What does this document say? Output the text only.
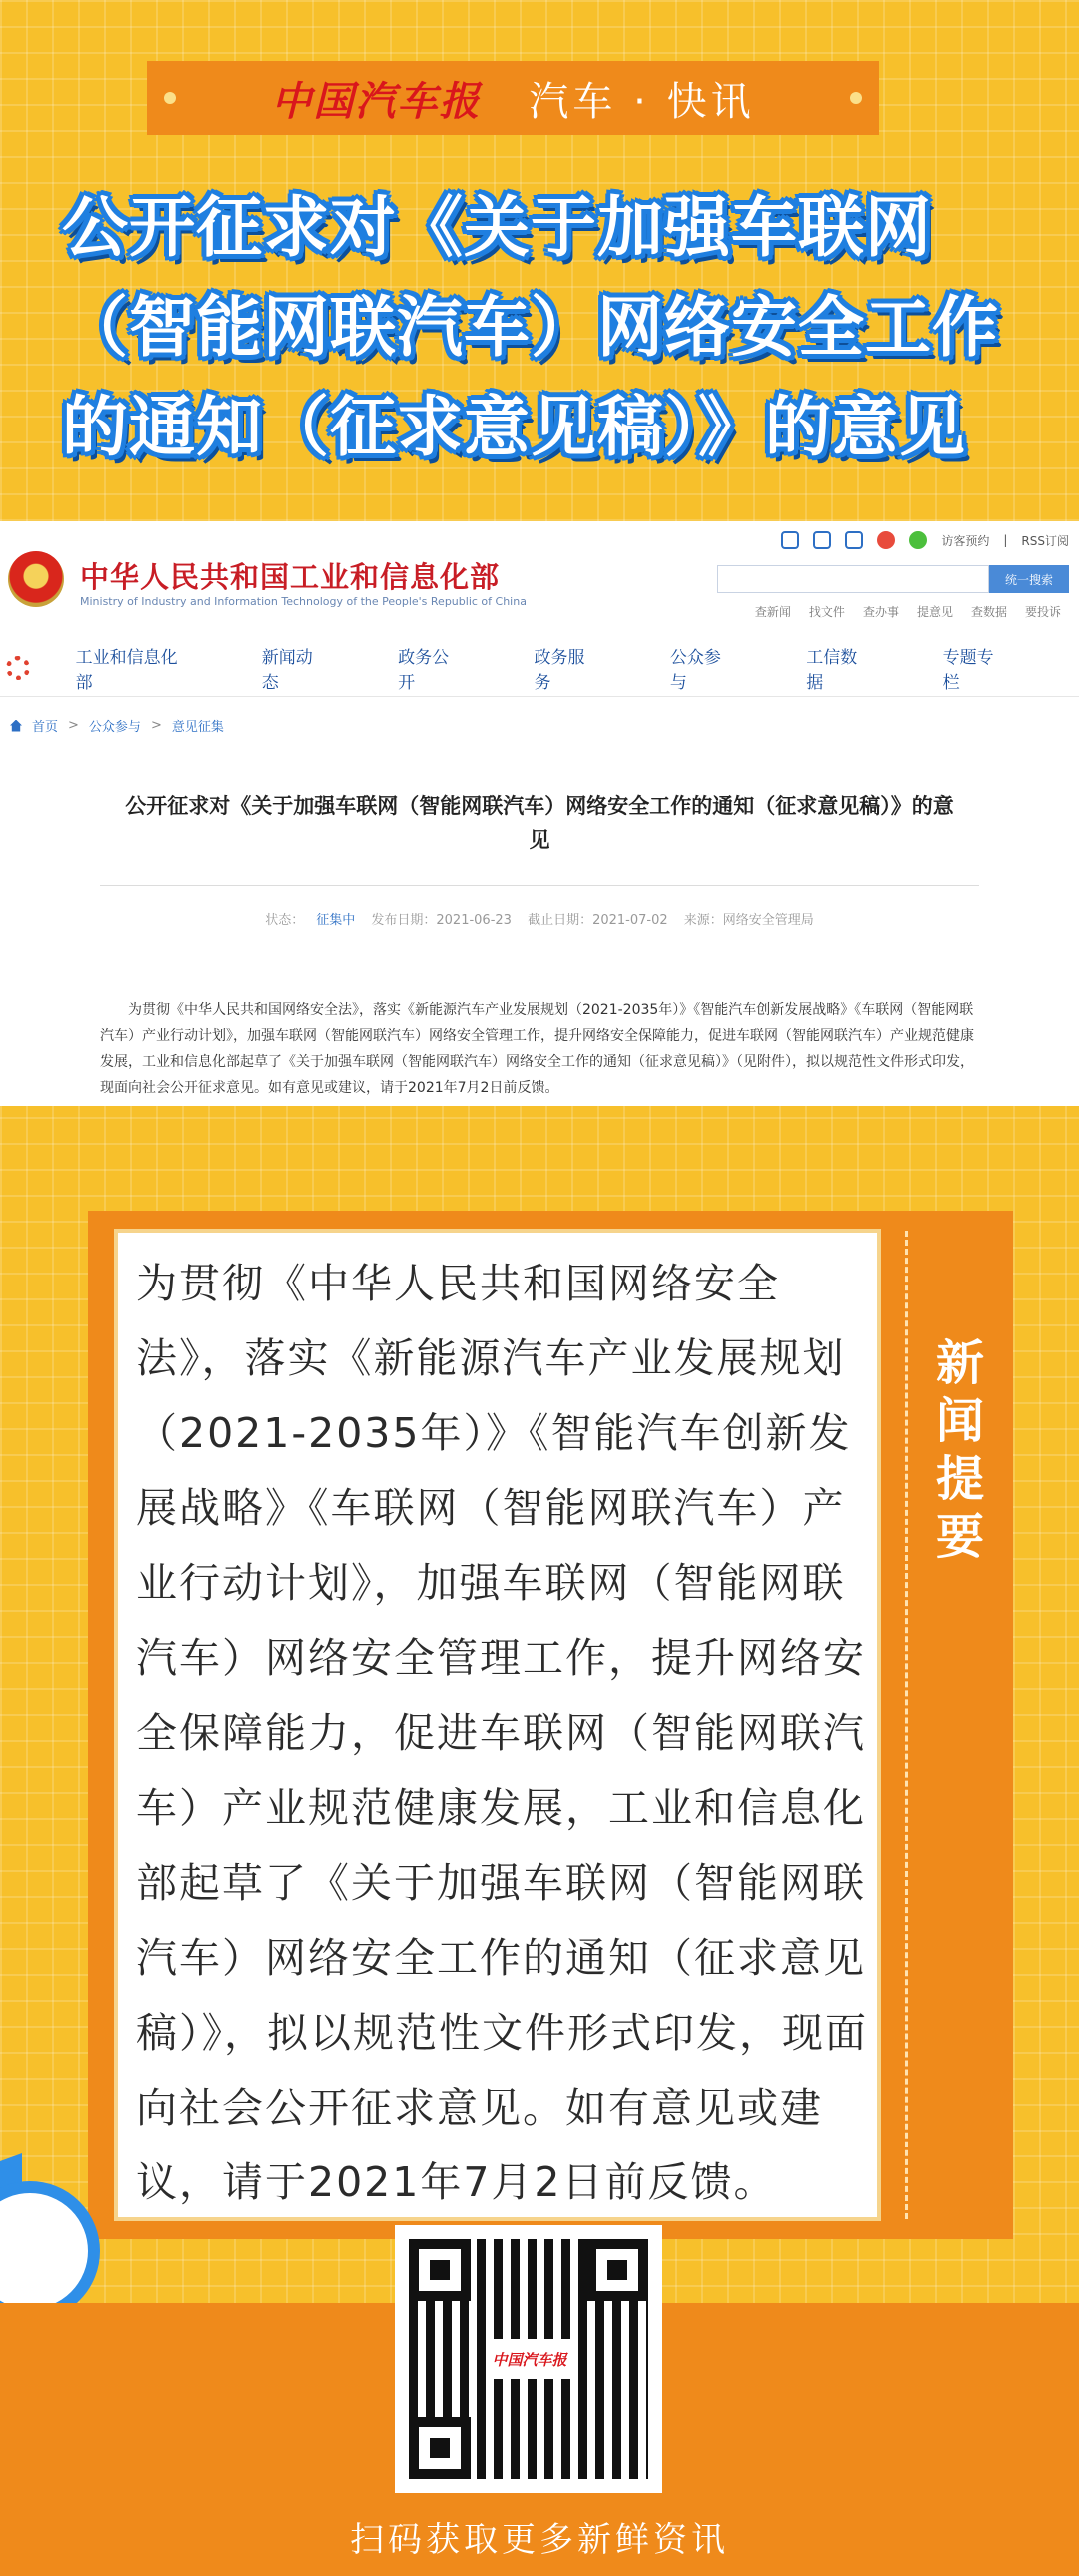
中国汽车报 汽车 · 快讯
公开征求对《关于加强车联网（智能网联汽车）网络安全工作的通知（征求意见稿）》的意见
中华人民共和国工业和信息化部
Ministry of Industry and Information Technology of the People's Republic of China
访客预约 | RSS订阅
统一搜索
查新闻 找文件 查办事 提意见 查数据 要投诉
工业和信息化部
新闻动态
政务公开
政务服务
公众参与
工信数据
专题专栏
首页 > 公众参与 > 意见征集
公开征求对《关于加强车联网（智能网联汽车）网络安全工作的通知（征求意见稿）》的意见
状态： 征集中 发布日期：2021-06-23 截止日期：2021-07-02 来源：网络安全管理局
为贯彻《中华人民共和国网络安全法》，落实《新能源汽车产业发展规划（2021-2035年）》《智能汽车创新发展战略》《车联网（智能网联汽车）产业行动计划》，加强车联网（智能网联汽车）网络安全管理工作，提升网络安全保障能力，促进车联网（智能网联汽车）产业规范健康发展，工业和信息化部起草了《关于加强车联网（智能网联汽车）网络安全工作的通知（征求意见稿）》（见附件），拟以规范性文件形式印发，现面向社会公开征求意见。如有意见或建议，请于2021年7月2日前反馈。
为贯彻《中华人民共和国网络安全法》，落实《新能源汽车产业发展规划（2021-2035年）》《智能汽车创新发展战略》《车联网（智能网联汽车）产业行动计划》，加强车联网（智能网联汽车）网络安全管理工作，提升网络安全保障能力，促进车联网（智能网联汽车）产业规范健康发展，工业和信息化部起草了《关于加强车联网（智能网联汽车）网络安全工作的通知（征求意见稿）》，拟以规范性文件形式印发，现面向社会公开征求意见。如有意见或建议，请于2021年7月2日前反馈。
新闻提要
中国汽车报
扫码获取更多新鲜资讯
